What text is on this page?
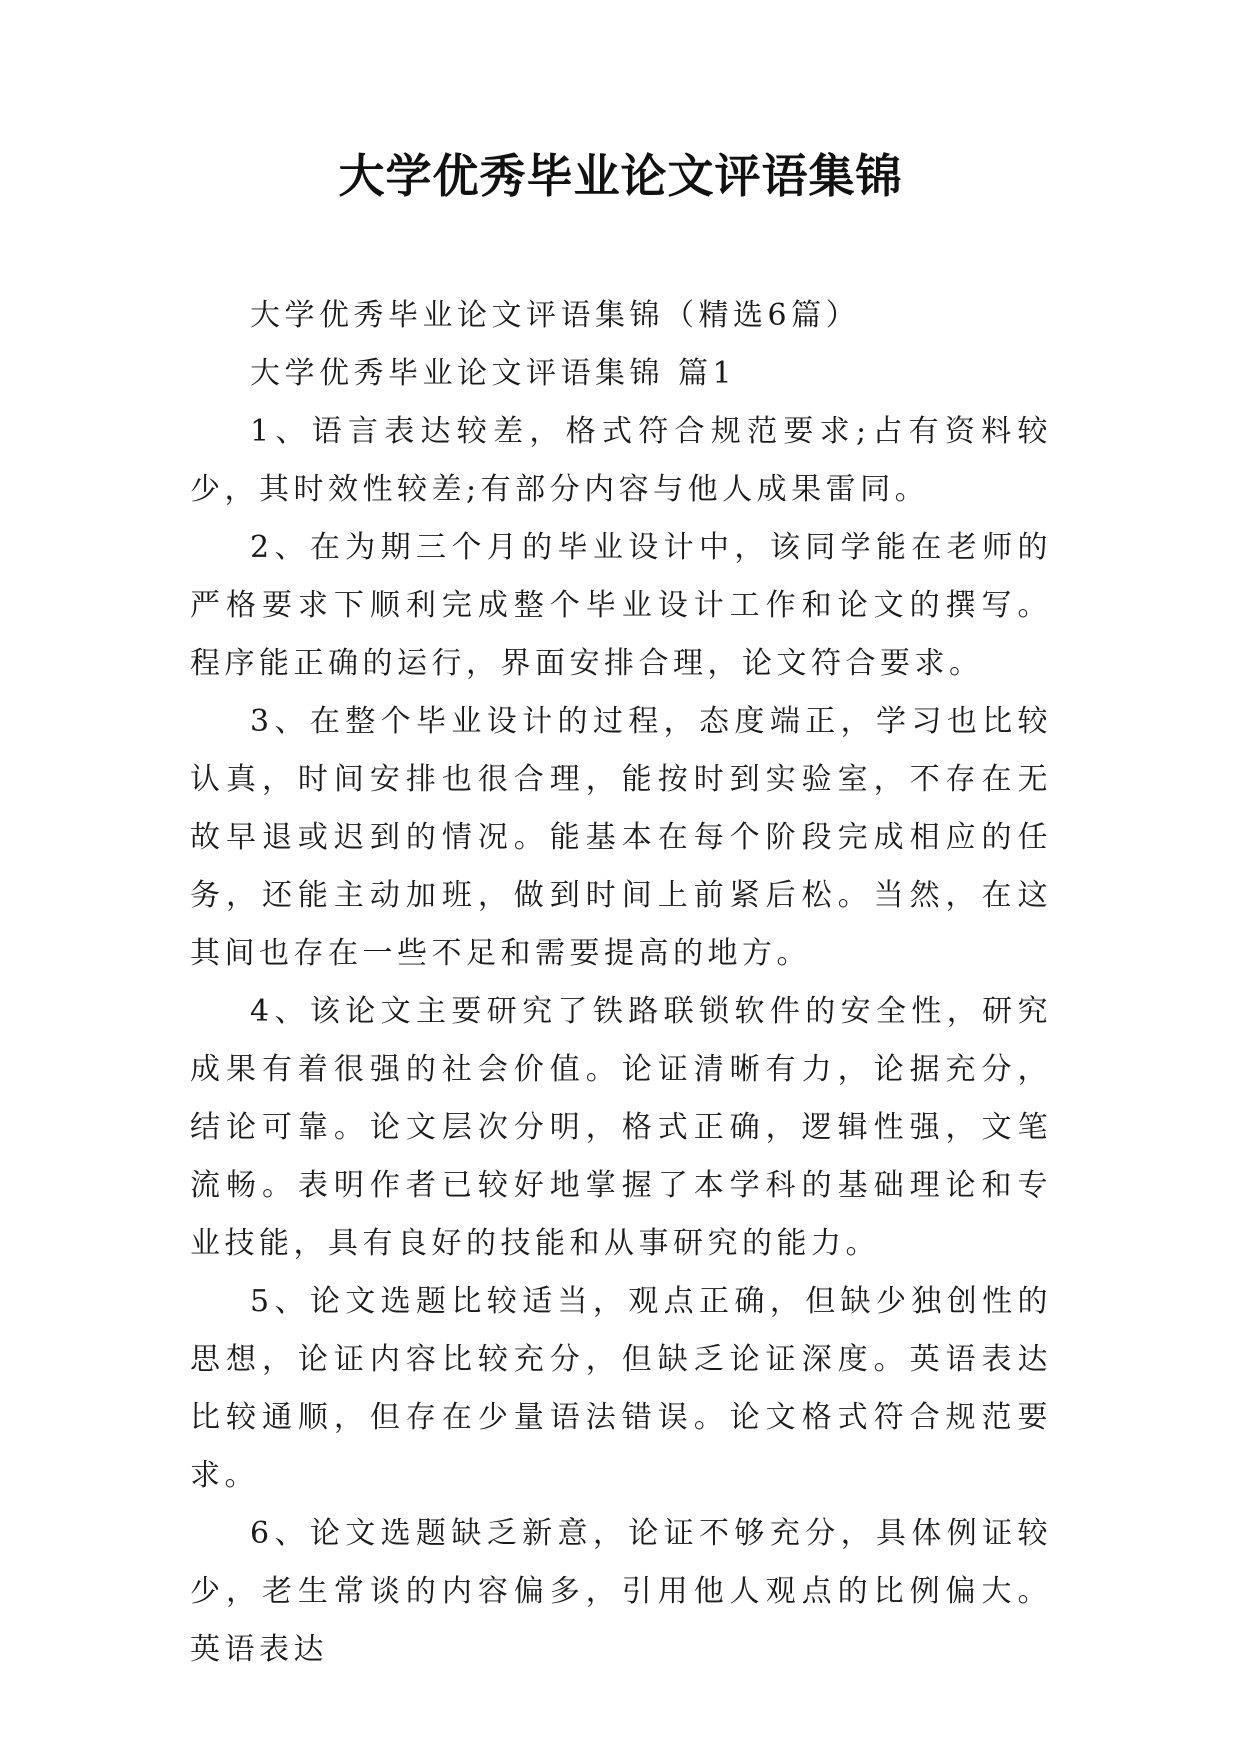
大学优秀毕业论文评语集锦

大学优秀毕业论文评语集锦（精选6篇）

大学优秀毕业论文评语集锦 篇1

1、语言表达较差，格式符合规范要求;占有资料较少，其时效性较差;有部分内容与他人成果雷同。

2、在为期三个月的毕业设计中，该同学能在老师的严格要求下顺利完成整个毕业设计工作和论文的撰写。程序能正确的运行，界面安排合理，论文符合要求。

3、在整个毕业设计的过程，态度端正，学习也比较认真，时间安排也很合理，能按时到实验室，不存在无故早退或迟到的情况。能基本在每个阶段完成相应的任务，还能主动加班，做到时间上前紧后松。当然，在这其间也存在一些不足和需要提高的地方。

4、该论文主要研究了铁路联锁软件的安全性，研究成果有着很强的社会价值。论证清晰有力，论据充分，结论可靠。论文层次分明，格式正确，逻辑性强，文笔流畅。表明作者已较好地掌握了本学科的基础理论和专业技能，具有良好的技能和从事研究的能力。

5、论文选题比较适当，观点正确，但缺少独创性的思想，论证内容比较充分，但缺乏论证深度。英语表达比较通顺，但存在少量语法错误。论文格式符合规范要求。

6、论文选题缺乏新意，论证不够充分，具体例证较少，老生常谈的内容偏多，引用他人观点的比例偏大。英语表达
